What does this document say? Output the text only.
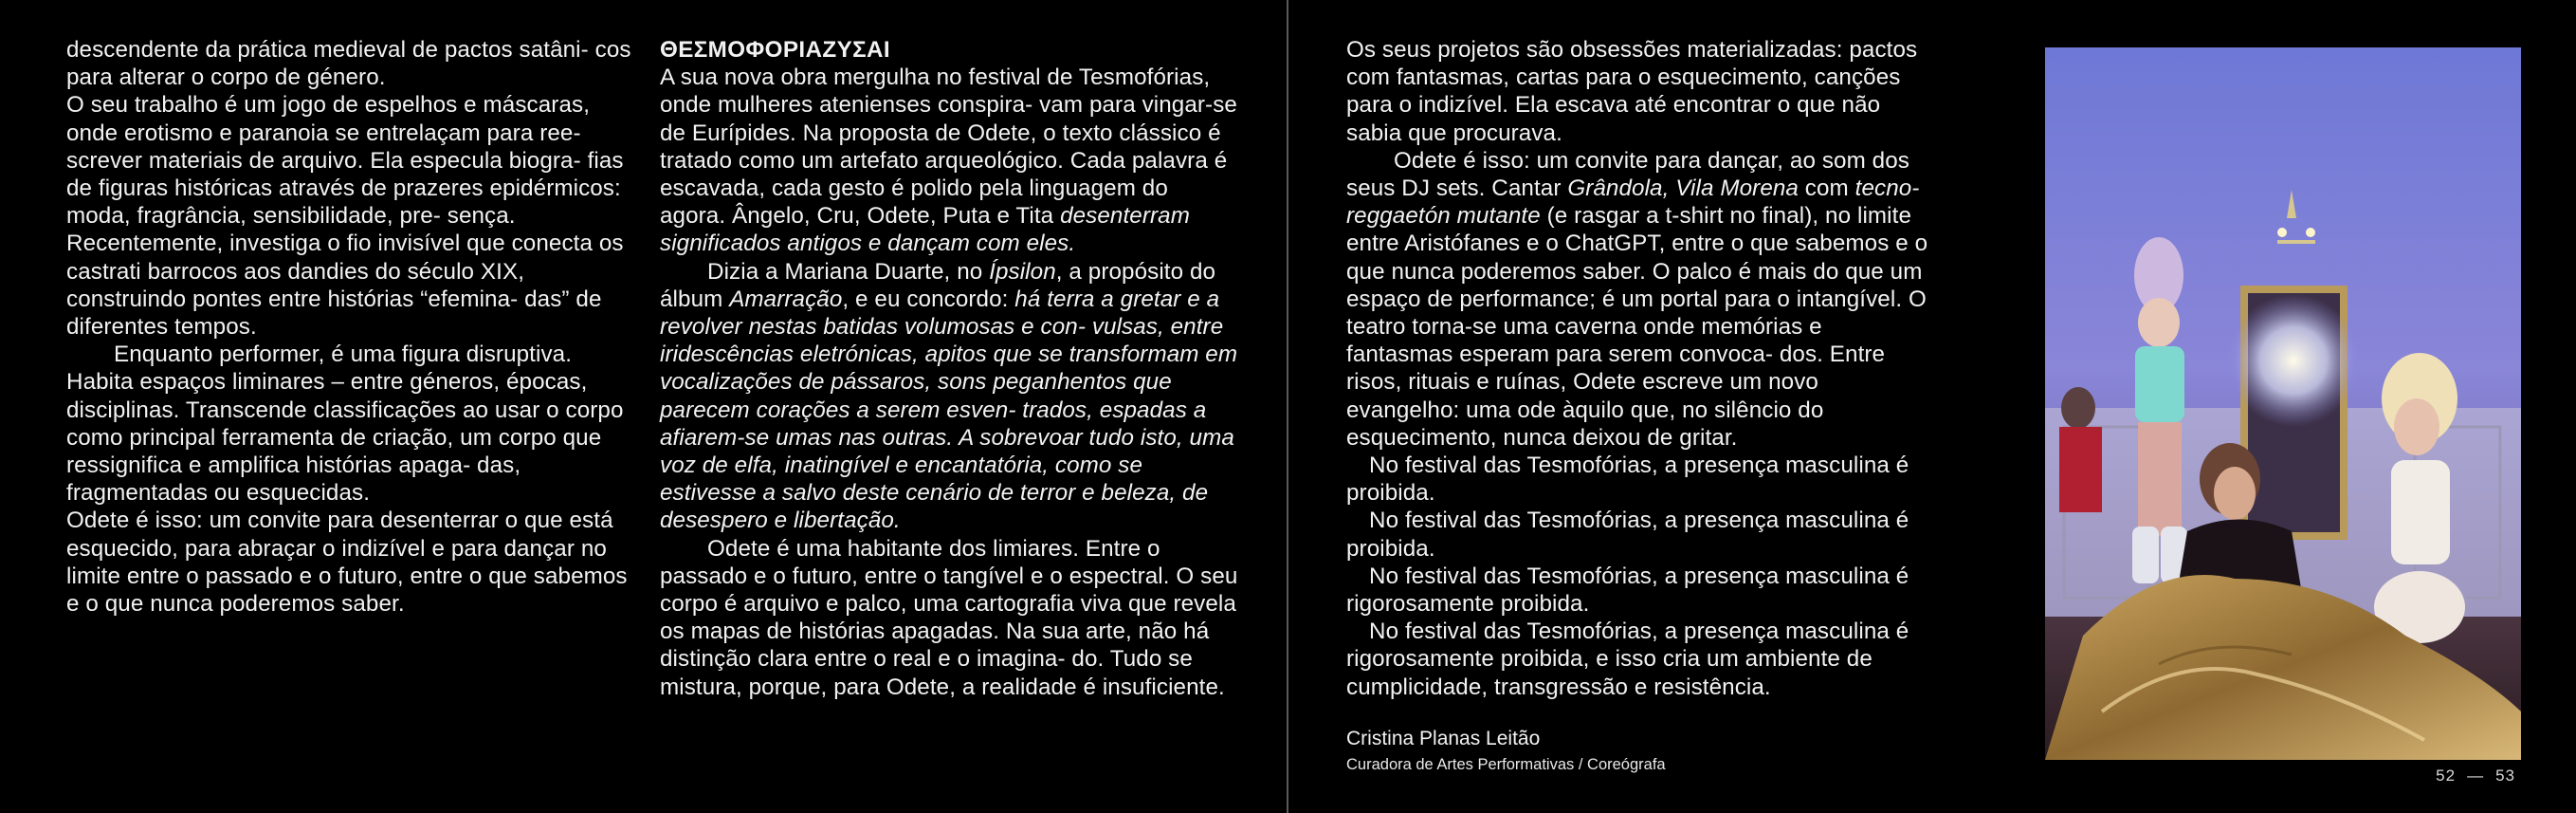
descendente da prática medieval de pactos satâni- cos para alterar o corpo de género.

O seu trabalho é um jogo de espelhos e máscaras, onde erotismo e paranoia se entrelaçam para ree- screver materiais de arquivo. Ela especula biogra- fias de figuras históricas através de prazeres epidérmicos: moda, fragrância, sensibilidade, pre- sença. Recentemente, investiga o fio invisível que conecta os castrati barrocos aos dandies do século XIX, construindo pontes entre histórias “efemina- das” de diferentes tempos.

Enquanto performer, é uma figura disruptiva. Habita espaços liminares – entre géneros, épocas, disciplinas. Transcende classificações ao usar o corpo como principal ferramenta de criação, um corpo que ressignifica e amplifica histórias apaga- das, fragmentadas ou esquecidas.

Odete é isso: um convite para desenterrar o que está esquecido, para abraçar o indizível e para dançar no limite entre o passado e o futuro, entre o que sabemos e o que nunca poderemos saber.

ΘΕΣΜΟΦΟΡΙΑΖΥΣΑΙ

A sua nova obra mergulha no festival de Tesmofórias, onde mulheres atenienses conspira- vam para vingar-se de Eurípides. Na proposta de Odete, o texto clássico é tratado como um artefato arqueológico. Cada palavra é escavada, cada gesto é polido pela linguagem do agora. Ângelo, Cru, Odete, Puta e Tita desenterram significados antigos e dançam com eles.

Dizia a Mariana Duarte, no Ípsilon, a propósito do álbum Amarração, e eu concordo: há terra a gretar e a revolver nestas batidas volumosas e con- vulsas, entre iridescências eletrónicas, apitos que se transformam em vocalizações de pássaros, sons peganhentos que parecem corações a serem esven- trados, espadas a afiarem-se umas nas outras. A sobrevoar tudo isto, uma voz de elfa, inatingível e encantatória, como se estivesse a salvo deste cenário de terror e beleza, de desespero e libertação.

Odete é uma habitante dos limiares. Entre o passado e o futuro, entre o tangível e o espectral. O seu corpo é arquivo e palco, uma cartografia viva que revela os mapas de histórias apagadas. Na sua arte, não há distinção clara entre o real e o imagina- do. Tudo se mistura, porque, para Odete, a realidade é insuficiente.

Os seus projetos são obsessões materializadas: pactos com fantasmas, cartas para o esquecimento, canções para o indizível. Ela escava até encontrar o que não sabia que procurava.

Odete é isso: um convite para dançar, ao som dos seus DJ sets. Cantar Grândola, Vila Morena com tecno-reggaetón mutante (e rasgar a t-shirt no final), no limite entre Aristófanes e o ChatGPT, entre o que sabemos e o que nunca poderemos saber. O palco é mais do que um espaço de performance; é um portal para o intangível. O teatro torna-se uma caverna onde memórias e fantasmas esperam para serem convoca- dos. Entre risos, rituais e ruínas, Odete escreve um novo evangelho: uma ode àquilo que, no silêncio do esquecimento, nunca deixou de gritar.

No festival das Tesmofórias, a presença masculina é proibida.

No festival das Tesmofórias, a presença masculina é proibida.

No festival das Tesmofórias, a presença masculina é rigorosamente proibida.

No festival das Tesmofórias, a presença masculina é rigorosamente proibida, e isso cria um ambiente de cumplicidade, transgressão e resistência.

Cristina Planas Leitão
Curadora de Artes Performativas / Coreógrafa
52 — 53
